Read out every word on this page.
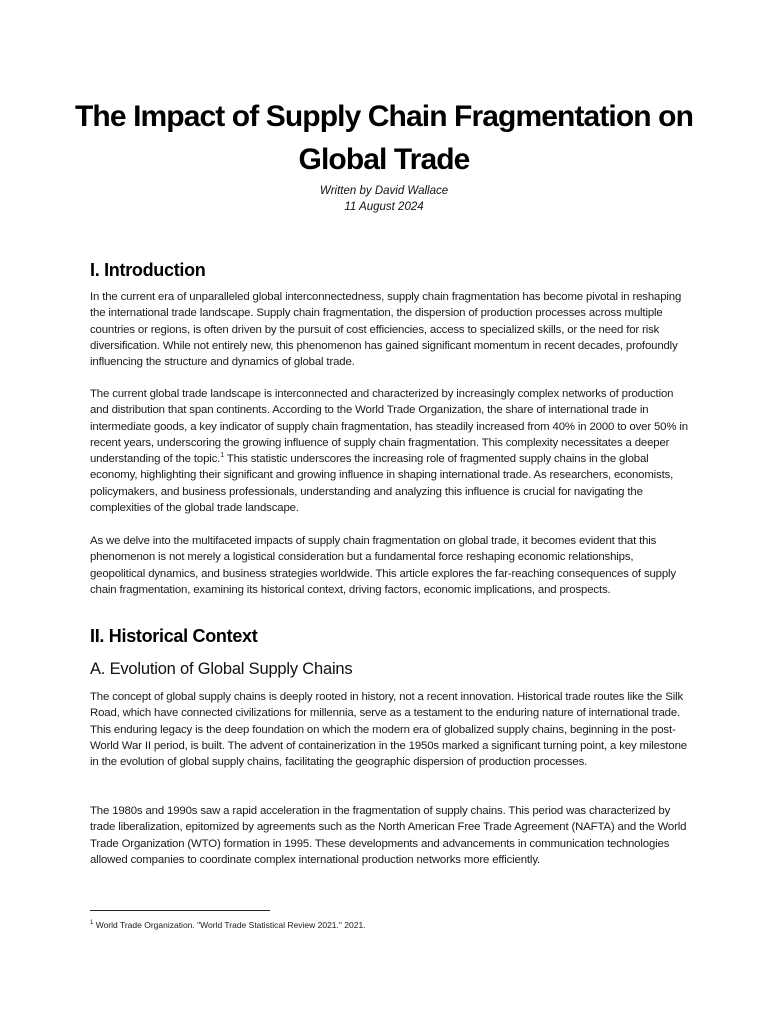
The Impact of Supply Chain Fragmentation on Global Trade
Written by David Wallace
11 August 2024
I. Introduction

In the current era of unparalleled global interconnectedness, supply chain fragmentation has become pivotal in reshaping the international trade landscape. Supply chain fragmentation, the dispersion of production processes across multiple countries or regions, is often driven by the pursuit of cost efficiencies, access to specialized skills, or the need for risk diversification. While not entirely new, this phenomenon has gained significant momentum in recent decades, profoundly influencing the structure and dynamics of global trade.

The current global trade landscape is interconnected and characterized by increasingly complex networks of production and distribution that span continents. According to the World Trade Organization, the share of international trade in intermediate goods, a key indicator of supply chain fragmentation, has steadily increased from 40% in 2000 to over 50% in recent years, underscoring the growing influence of supply chain fragmentation. This complexity necessitates a deeper understanding of the topic.$^1$ This statistic underscores the increasing role of fragmented supply chains in the global economy, highlighting their significant and growing influence in shaping international trade. As researchers, economists, policymakers, and business professionals, understanding and analyzing this influence is crucial for navigating the complexities of the global trade landscape.

As we delve into the multifaceted impacts of supply chain fragmentation on global trade, it becomes evident that this phenomenon is not merely a logistical consideration but a fundamental force reshaping economic relationships, geopolitical dynamics, and business strategies worldwide. This article explores the far-reaching consequences of supply chain fragmentation, examining its historical context, driving factors, economic implications, and prospects.

II. Historical Context
A. Evolution of Global Supply Chains

The concept of global supply chains is deeply rooted in history, not a recent innovation. Historical trade routes like the Silk Road, which have connected civilizations for millennia, serve as a testament to the enduring nature of international trade. This enduring legacy is the deep foundation on which the modern era of globalized supply chains, beginning in the post-World War II period, is built. The advent of containerization in the 1950s marked a significant turning point, a key milestone in the evolution of global supply chains, facilitating the geographic dispersion of production processes.

The 1980s and 1990s saw a rapid acceleration in the fragmentation of supply chains. This period was characterized by trade liberalization, epitomized by agreements such as the North American Free Trade Agreement (NAFTA) and the World Trade Organization (WTO) formation in 1995. These developments and advancements in communication technologies allowed companies to coordinate complex international production networks more efficiently.

$^1$ World Trade Organization. "World Trade Statistical Review 2021." 2021.
